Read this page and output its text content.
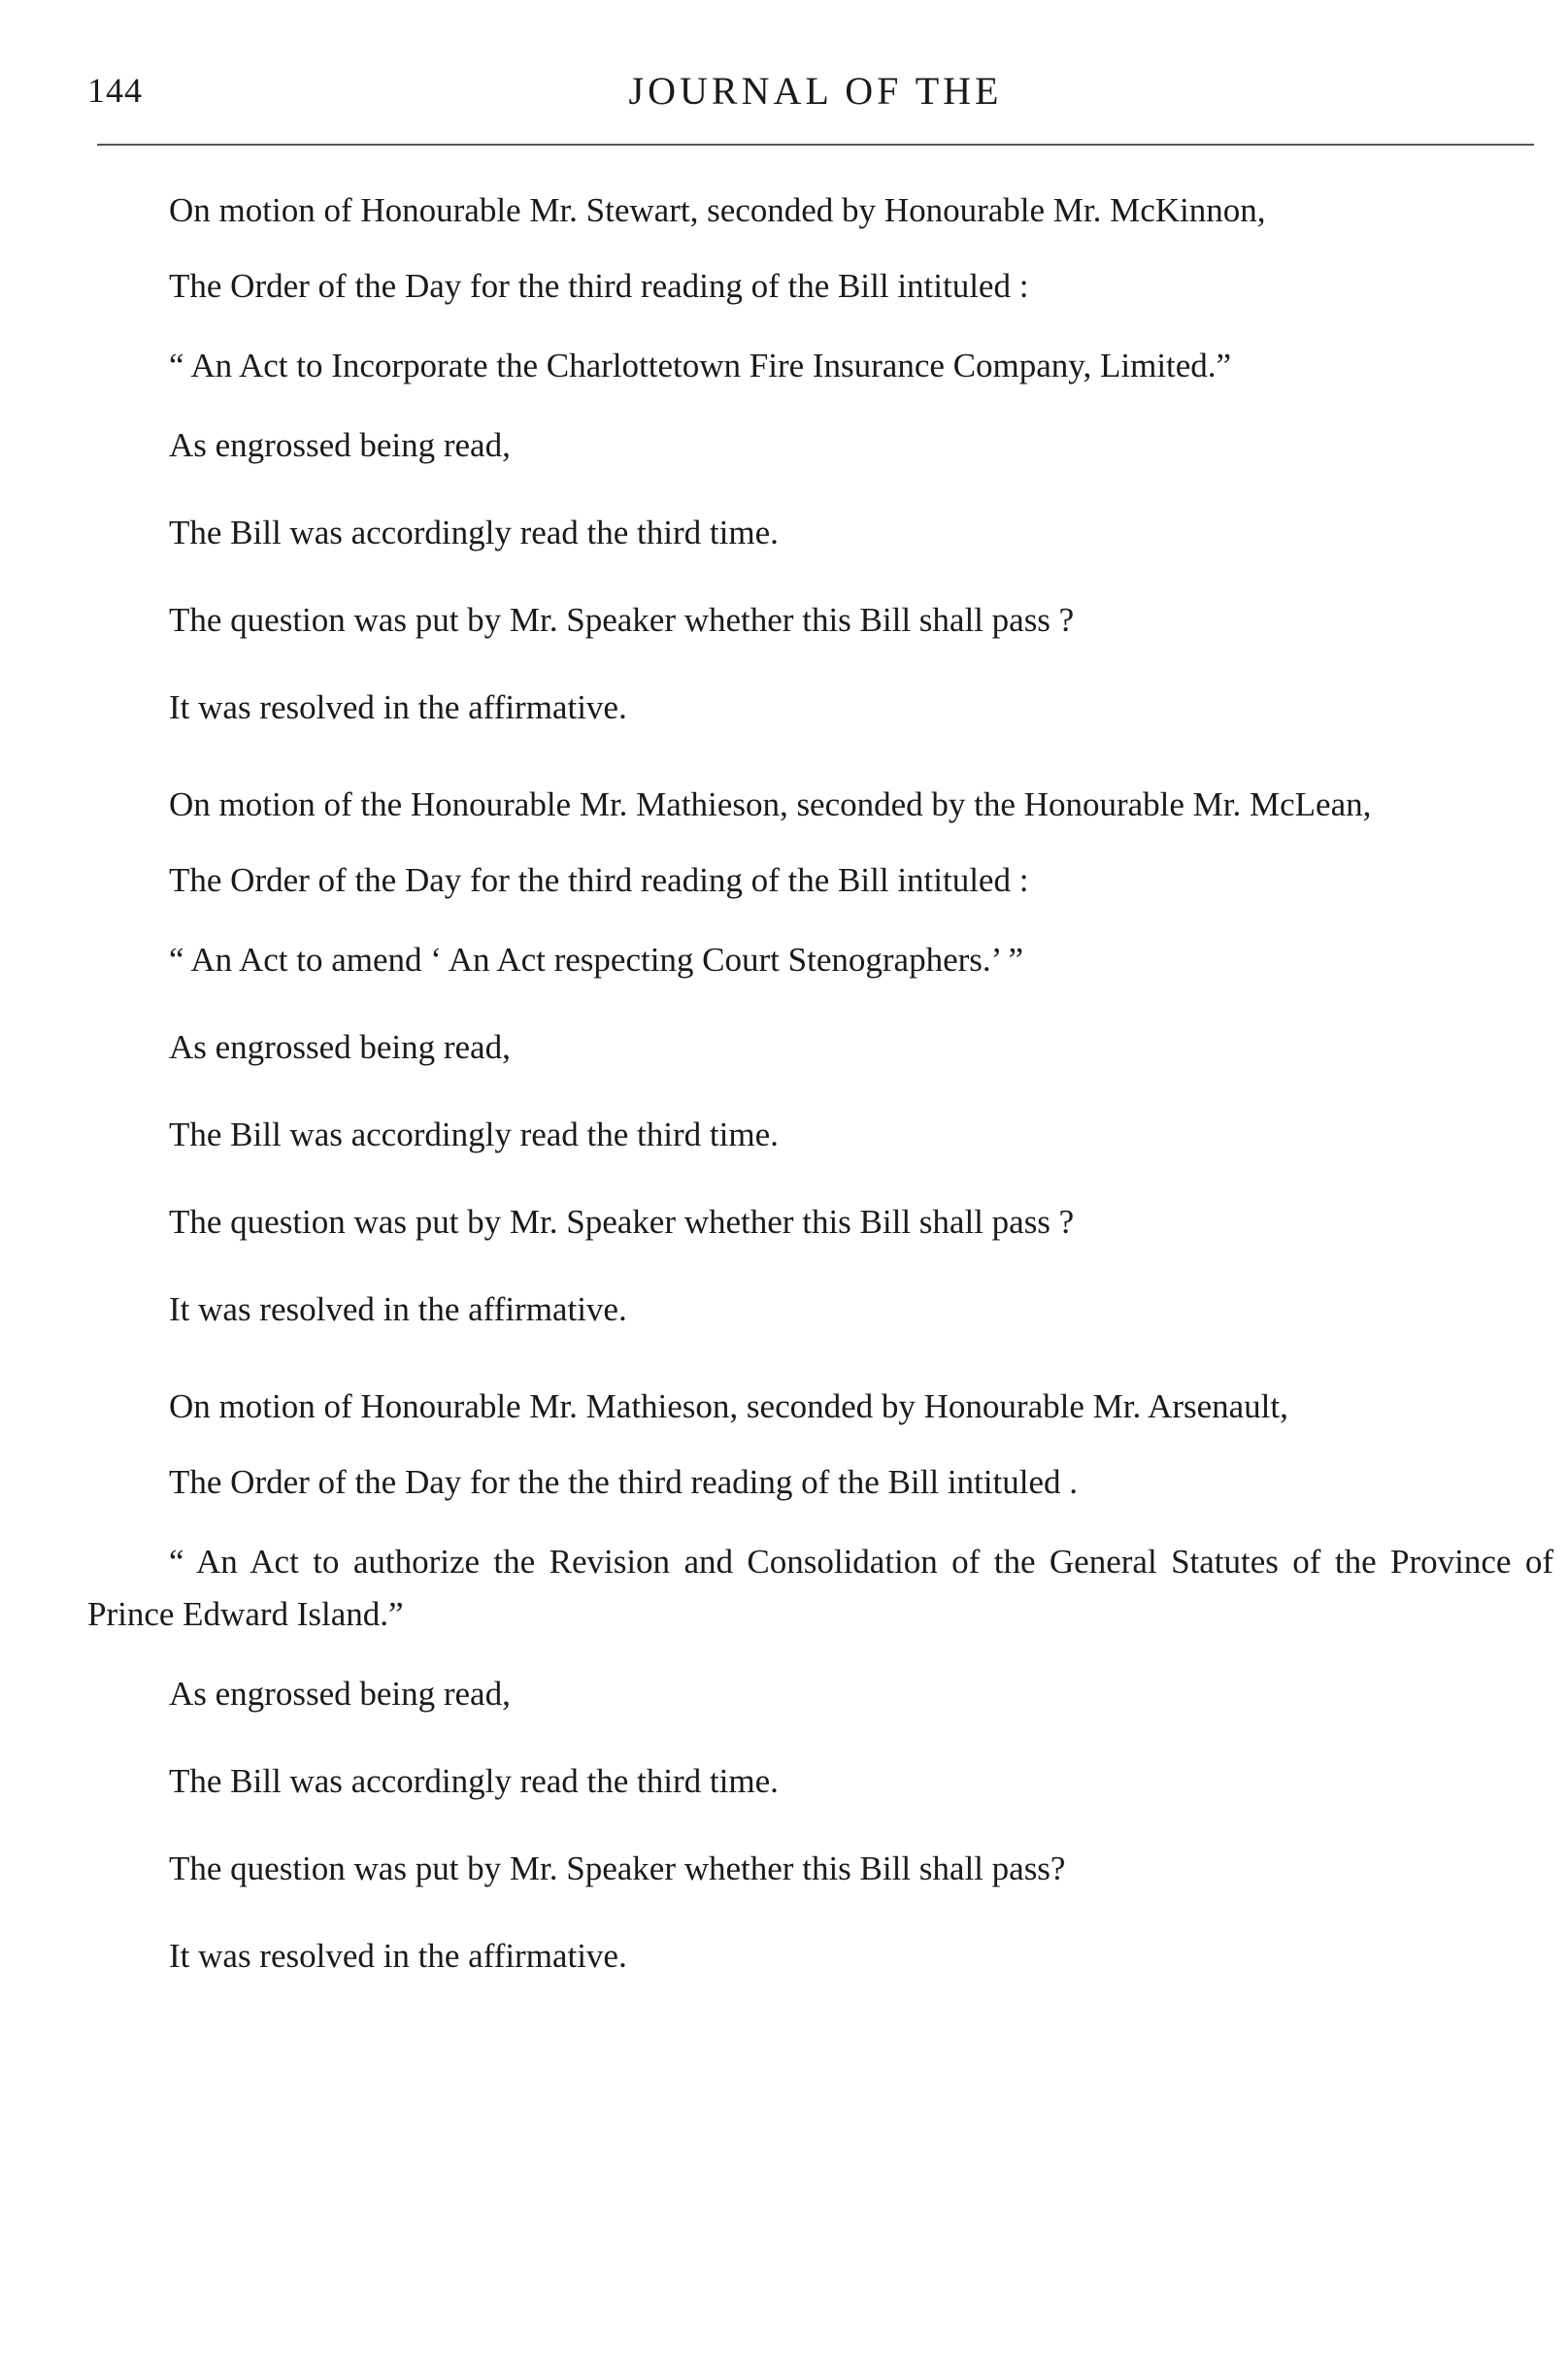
144	JOURNAL OF THE

On motion of Honourable Mr. Stewart, seconded by Honourable Mr. McKinnon,

The Order of the Day for the third reading of the Bill intituled :

“ An Act to Incorporate the Charlottetown Fire Insurance Company, Limited.”

As engrossed being read,

The Bill was accordingly read the third time.

The question was put by Mr. Speaker whether this Bill shall pass ?

It was resolved in the affirmative.

On motion of the Honourable Mr. Mathieson, seconded by the Honourable Mr. McLean,

The Order of the Day for the third reading of the Bill intituled :

“ An Act to amend ‘ An Act respecting Court Stenographers.’ ”

As engrossed being read,

The Bill was accordingly read the third time.

The question was put by Mr. Speaker whether this Bill shall pass ?

It was resolved in the affirmative.

On motion of Honourable Mr. Mathieson, seconded by Honourable Mr. Arsenault,

The Order of the Day for the the third reading of the Bill intituled .

“ An Act to authorize the Revision and Consolidation of the General Statutes of the Province of Prince Edward Island.”

As engrossed being read,

The Bill was accordingly read the third time.

The question was put by Mr. Speaker whether this Bill shall pass?

It was resolved in the affirmative.
